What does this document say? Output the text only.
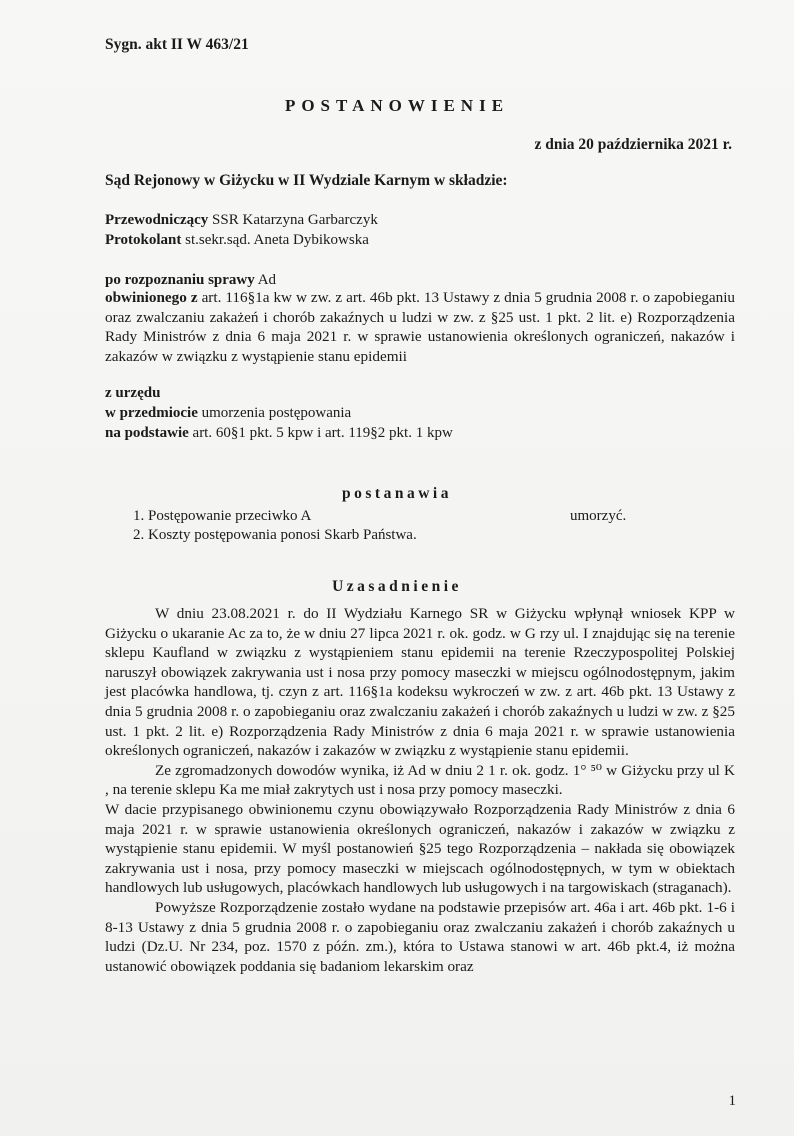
Sygn. akt II W 463/21
POSTANOWIENIE
z dnia 20 października 2021 r.
Sąd Rejonowy w Giżycku w II Wydziale Karnym w składzie:
Przewodniczący SSR Katarzyna Garbarczyk
Protokolant st.sekr.sąd. Aneta Dybikowska
po rozpoznaniu sprawy Ad

obwinionego z art. 116§1a kw w zw. z art. 46b pkt. 13 Ustawy z dnia 5 grudnia 2008 r. o zapobieganiu oraz zwalczaniu zakażeń i chorób zakaźnych u ludzi w zw. z §25 ust. 1 pkt. 2 lit. e) Rozporządzenia Rady Ministrów z dnia 6 maja 2021 r. w sprawie ustanowienia określonych ograniczeń, nakazów i zakazów w związku z wystąpienie stanu epidemii

z urzędu
w przedmiocie umorzenia postępowania
na podstawie art. 60§1 pkt. 5 kpw i art. 119§2 pkt. 1 kpw
postanawia
1. Postępowanie przeciwko A	umorzyć.
2. Koszty postępowania ponosi Skarb Państwa.
Uzasadnienie

W dniu 23.08.2021 r. do II Wydziału Karnego SR w Giżycku wpłynął wniosek KPP w Giżycku o ukaranie Ac za to, że w dniu 27 lipca 2021 r. ok. godz. w G rzy ul. I znajdując się na terenie sklepu Kaufland w związku z wystąpieniem stanu epidemii na terenie Rzeczypospolitej Polskiej naruszył obowiązek zakrywania ust i nosa przy pomocy maseczki w miejscu ogólnodostępnym, jakim jest placówka handlowa, tj. czyn z art. 116§1a kodeksu wykroczeń w zw. z art. 46b pkt. 13 Ustawy z dnia 5 grudnia 2008 r. o zapobieganiu oraz zwalczaniu zakażeń i chorób zakaźnych u ludzi w zw. z §25 ust. 1 pkt. 2 lit. e) Rozporządzenia Rady Ministrów z dnia 6 maja 2021 r. w sprawie ustanowienia określonych ograniczeń, nakazów i zakazów w związku z wystąpienie stanu epidemii.

Ze zgromadzonych dowodów wynika, iż Ad w dniu 2 1 r. ok. godz. 1° ⁵⁰ w Giżycku przy ul K , na terenie sklepu Ka me miał zakrytych ust i nosa przy pomocy maseczki.

W dacie przypisanego obwinionemu czynu obowiązywało Rozporządzenia Rady Ministrów z dnia 6 maja 2021 r. w sprawie ustanowienia określonych ograniczeń, nakazów i zakazów w związku z wystąpienie stanu epidemii. W myśl postanowień §25 tego Rozporządzenia – nakłada się obowiązek zakrywania ust i nosa, przy pomocy maseczki w miejscach ogólnodostępnych, w tym w obiektach handlowych lub usługowych, placówkach handlowych lub usługowych i na targowiskach (straganach).

Powyższe Rozporządzenie zostało wydane na podstawie przepisów art. 46a i art. 46b pkt. 1-6 i 8-13 Ustawy z dnia 5 grudnia 2008 r. o zapobieganiu oraz zwalczaniu zakażeń i chorób zakaźnych u ludzi (Dz.U. Nr 234, poz. 1570 z późn. zm.), która to Ustawa stanowi w art. 46b pkt.4, iż można ustanowić obowiązek poddania się badaniom lekarskim oraz

1
